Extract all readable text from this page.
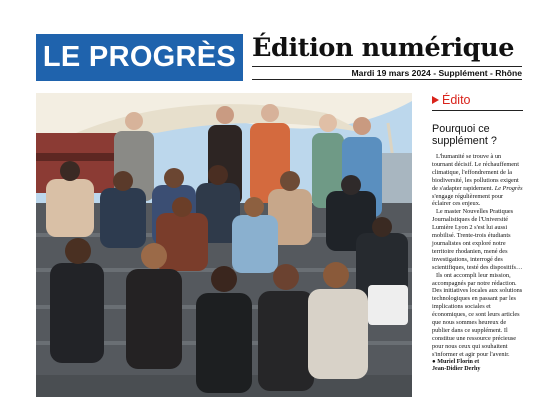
LE PROGRÈS Édition numérique
Mardi 19 mars 2024 - Supplément - Rhône
Édito
Pourquoi ce supplément ?

L'humanité se trouve à un tournant décisif. Le réchauffement climatique, l'effondrement de la biodiversité, les pollutions exigent de s'adapter rapidement. Le Progrès s'engage régulièrement pour éclairer ces enjeux.

Le master Nouvelles Pratiques Journalistiques de l'Université Lumière Lyon 2 s'est lui aussi mobilisé. Trente-trois étudiants journalistes ont exploré notre territoire rhodanien, mené des investigations, interrogé des scientifiques, testé des dispositifs…

Ils ont accompli leur mission, accompagnés par notre rédaction. Des initiatives locales aux solutions technologiques en passant par les implications sociales et économiques, ce sont leurs articles que nous sommes heureux de publier dans ce supplément. Il constitue une ressource précieuse pour nous ceux qui souhaitent s'informer et agir pour l'avenir.

● Muriel Florin et
Jean-Didier Derhy
